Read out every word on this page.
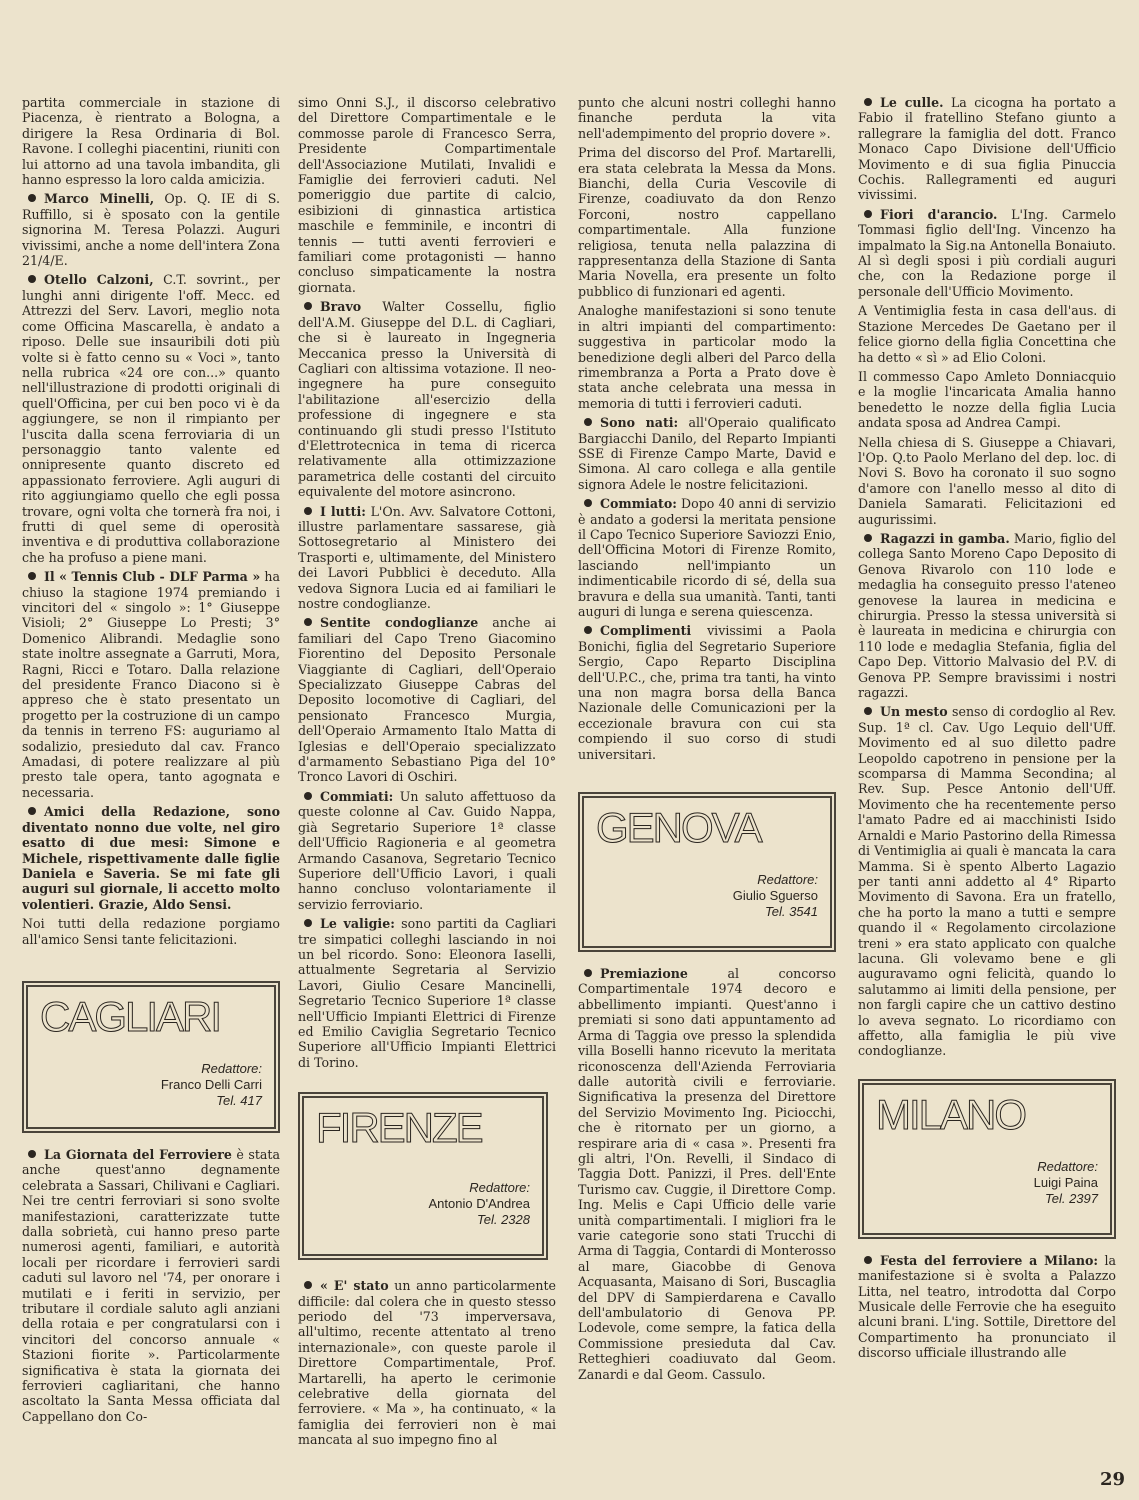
partita commerciale in stazione di Piacenza, è rientrato a Bologna, a dirigere la Resa Ordinaria di Bol. Ravone. I colleghi piacentini, riuniti con lui attorno ad una tavola imbandita, gli hanno espresso la loro calda amicizia.

Marco Minelli, Op. Q. IE di S. Ruffillo, si è sposato con la gentile signorina M. Teresa Polazzi. Auguri vivissimi, anche a nome dell'intera Zona 21/4/E.
Otello Calzoni, C.T. sovrint., per lunghi anni dirigente l'off. Mecc. ed Attrezzi del Serv. Lavori, meglio nota come Officina Mascarella, è andato a riposo. Delle sue insauribili doti più volte si è fatto cenno su « Voci », tanto nella rubrica «24 ore con...» quanto nell'illustrazione di prodotti originali di quell'Officina, per cui ben poco vi è da aggiungere, se non il rimpianto per l'uscita dalla scena ferroviaria di un personaggio tanto valente ed onnipresente quanto discreto ed appassionato ferroviere. Agli auguri di rito aggiungiamo quello che egli possa trovare, ogni volta che tornerà fra noi, i frutti di quel seme di operosità inventiva e di produttiva collaborazione che ha profuso a piene mani.
Il « Tennis Club - DLF Parma » ha chiuso la stagione 1974 premiando i vincitori del « singolo »: 1° Giuseppe Visioli; 2° Giuseppe Lo Presti; 3° Domenico Alibrandi. Medaglie sono state inoltre assegnate a Garruti, Mora, Ragni, Ricci e Totaro. Dalla relazione del presidente Franco Diacono si è appreso che è stato presentato un progetto per la costruzione di un campo da tennis in terreno FS: auguriamo al sodalizio, presieduto dal cav. Franco Amadasi, di potere realizzare al più presto tale opera, tanto agognata e necessaria.
Amici della Redazione, sono diventato nonno due volte, nel giro esatto di due mesi: Simone e Michele, rispettivamente dalle figlie Daniela e Saveria. Se mi fate gli auguri sul giornale, li accetto molto volentieri. Grazie, Aldo Sensi.

Noi tutti della redazione porgiamo all'amico Sensi tante felicitazioni.

CAGLIARI
Redattore:
Franco Delli Carri
Tel. 417
La Giornata del Ferroviere è stata anche quest'anno degnamente celebrata a Sassari, Chilivani e Cagliari. Nei tre centri ferroviari si sono svolte manifestazioni, caratterizzate tutte dalla sobrietà, cui hanno preso parte numerosi agenti, familiari, e autorità locali per ricordare i ferrovieri sardi caduti sul lavoro nel '74, per onorare i mutilati e i feriti in servizio, per tributare il cordiale saluto agli anziani della rotaia e per congratularsi con i vincitori del concorso annuale « Stazioni fiorite ». Particolarmente significativa è stata la giornata dei ferrovieri cagliaritani, che hanno ascoltato la Santa Messa officiata dal Cappellano don Co-

simo Onni S.J., il discorso celebrativo del Direttore Compartimentale e le commosse parole di Francesco Serra, Presidente Compartimentale dell'Associazione Mutilati, Invalidi e Famiglie dei ferrovieri caduti. Nel pomeriggio due partite di calcio, esibizioni di ginnastica artistica maschile e femminile, e incontri di tennis — tutti aventi ferrovieri e familiari come protagonisti — hanno concluso simpaticamente la nostra giornata.

Bravo Walter Cossellu, figlio dell'A.M. Giuseppe del D.L. di Cagliari, che si è laureato in Ingegneria Meccanica presso la Università di Cagliari con altissima votazione. Il neo-ingegnere ha pure conseguito l'abilitazione all'esercizio della professione di ingegnere e sta continuando gli studi presso l'Istituto d'Elettrotecnica in tema di ricerca relativamente alla ottimizzazione parametrica delle costanti del circuito equivalente del motore asincrono.
I lutti: L'On. Avv. Salvatore Cottoni, illustre parlamentare sassarese, già Sottosegretario al Ministero dei Trasporti e, ultimamente, del Ministero dei Lavori Pubblici è deceduto. Alla vedova Signora Lucia ed ai familiari le nostre condoglianze.
Sentite condoglianze anche ai familiari del Capo Treno Giacomino Fiorentino del Deposito Personale Viaggiante di Cagliari, dell'Operaio Specializzato Giuseppe Cabras del Deposito locomotive di Cagliari, del pensionato Francesco Murgia, dell'Operaio Armamento Italo Matta di Iglesias e dell'Operaio specializzato d'armamento Sebastiano Piga del 10° Tronco Lavori di Oschiri.
Commiati: Un saluto affettuoso da queste colonne al Cav. Guido Nappa, già Segretario Superiore 1ª classe dell'Ufficio Ragioneria e al geometra Armando Casanova, Segretario Tecnico Superiore dell'Ufficio Lavori, i quali hanno concluso volontariamente il servizio ferroviario.
Le valigie: sono partiti da Cagliari tre simpatici colleghi lasciando in noi un bel ricordo. Sono: Eleonora Iaselli, attualmente Segretaria al Servizio Lavori, Giulio Cesare Mancinelli, Segretario Tecnico Superiore 1ª classe nell'Ufficio Impianti Elettrici di Firenze ed Emilio Caviglia Segretario Tecnico Superiore all'Ufficio Impianti Elettrici di Torino.
FIRENZE
Redattore:
Antonio D'Andrea
Tel. 2328
« E' stato un anno particolarmente difficile: dal colera che in questo stesso periodo del '73 imperversava, all'ultimo, recente attentato al treno internazionale», con queste parole il Direttore Compartimentale, Prof. Martarelli, ha aperto le cerimonie celebrative della giornata del ferroviere. « Ma », ha continuato, « la famiglia dei ferrovieri non è mai mancata al suo impegno fino al

punto che alcuni nostri colleghi hanno finanche perduta la vita nell'adempimento del proprio dovere ».

Prima del discorso del Prof. Martarelli, era stata celebrata la Messa da Mons. Bianchi, della Curia Vescovile di Firenze, coadiuvato da don Renzo Forconi, nostro cappellano compartimentale. Alla funzione religiosa, tenuta nella palazzina di rappresentanza della Stazione di Santa Maria Novella, era presente un folto pubblico di funzionari ed agenti.

Analoghe manifestazioni si sono tenute in altri impianti del compartimento: suggestiva in particolar modo la benedizione degli alberi del Parco della rimembranza a Porta a Prato dove è stata anche celebrata una messa in memoria di tutti i ferrovieri caduti.

Sono nati: all'Operaio qualificato Bargiacchi Danilo, del Reparto Impianti SSE di Firenze Campo Marte, David e Simona. Al caro collega e alla gentile signora Adele le nostre felicitazioni.
Commiato: Dopo 40 anni di servizio è andato a godersi la meritata pensione il Capo Tecnico Superiore Saviozzi Enio, dell'Officina Motori di Firenze Romito, lasciando nell'impianto un indimenticabile ricordo di sé, della sua bravura e della sua umanità. Tanti, tanti auguri di lunga e serena quiescenza.
Complimenti vivissimi a Paola Bonichi, figlia del Segretario Superiore Sergio, Capo Reparto Disciplina dell'U.P.C., che, prima tra tanti, ha vinto una non magra borsa della Banca Nazionale delle Comunicazioni per la eccezionale bravura con cui sta compiendo il suo corso di studi universitari.
GENOVA
Redattore:
Giulio Sguerso
Tel. 3541
Premiazione	al concorso Compartimentale 1974 decoro e abbellimento impianti. Quest'anno i premiati si sono dati appuntamento ad Arma di Taggia ove presso la splendida villa Boselli hanno ricevuto la meritata riconoscenza dell'Azienda Ferroviaria dalle autorità civili e ferroviarie. Significativa la presenza del Direttore del Servizio Movimento Ing. Piciocchi, che è ritornato per un giorno, a respirare aria di « casa ». Presenti fra gli altri, l'On. Revelli, il Sindaco di Taggia Dott. Panizzi, il Pres. dell'Ente Turismo cav. Cuggie, il Direttore Comp. Ing. Melis e Capi Ufficio delle varie unità compartimentali. I migliori fra le varie categorie sono stati Trucchi di Arma di Taggia, Contardi di Monterosso al mare, Giacobbe di Genova Acquasanta, Maisano di Sori, Buscaglia del DPV di Sampierdarena e Cavallo dell'ambulatorio di Genova PP. Lodevole, come sempre, la fatica della Commissione presieduta dal Cav. Retteghieri coadiuvato dal Geom. Zanardi e dal Geom. Cassulo.
Le culle. La cicogna ha portato a Fabio il fratellino Stefano giunto a rallegrare la famiglia del dott. Franco Monaco Capo Divisione dell'Ufficio Movimento e di sua figlia Pinuccia Cochis. Rallegramenti ed auguri vivissimi.
Fiori d'arancio. L'Ing. Carmelo Tommasi figlio dell'Ing. Vincenzo ha impalmato la Sig.na Antonella Bonaiuto. Al sì degli sposi i più cordiali auguri che, con la Redazione porge il personale dell'Ufficio Movimento.

A Ventimiglia festa in casa dell'aus. di Stazione Mercedes De Gaetano per il felice giorno della figlia Concettina che ha detto « sì » ad Elio Coloni.

Il commesso Capo Amleto Donniacquio e la moglie l'incaricata Amalia hanno benedetto le nozze della figlia Lucia andata sposa ad Andrea Campi.

Nella chiesa di S. Giuseppe a Chiavari, l'Op. Q.to Paolo Merlano del dep. loc. di Novi S. Bovo ha coronato il suo sogno d'amore con l'anello messo al dito di Daniela Samarati. Felicitazioni ed augurissimi.

Ragazzi in gamba. Mario, figlio del collega Santo Moreno Capo Deposito di Genova Rivarolo con 110 lode e medaglia ha conseguito presso l'ateneo genovese la laurea in medicina e chirurgia. Presso la stessa università si è laureata in medicina e chirurgia con 110 lode e medaglia Stefania, figlia del Capo Dep. Vittorio Malvasio del P.V. di Genova PP. Sempre bravissimi i nostri ragazzi.
Un mesto senso di cordoglio al Rev. Sup. 1ª cl. Cav. Ugo Lequio dell'Uff. Movimento ed al suo diletto padre Leopoldo capotreno in pensione per la scomparsa di Mamma Secondina; al Rev. Sup. Pesce Antonio dell'Uff. Movimento che ha recentemente perso l'amato Padre ed ai macchinisti Isido Arnaldi e Mario Pastorino della Rimessa di Ventimiglia ai quali è mancata la cara Mamma. Si è spento Alberto Lagazio per tanti anni addetto al 4° Riparto Movimento di Savona. Era un fratello, che ha porto la mano a tutti e sempre quando il « Regolamento circolazione treni » era stato applicato con qualche lacuna. Gli volevamo bene e gli auguravamo ogni felicità, quando lo salutammo ai limiti della pensione, per non fargli capire che un cattivo destino lo aveva segnato. Lo ricordiamo con affetto, alla famiglia le più vive condoglianze.
MILANO
Redattore:
Luigi Paina
Tel. 2397
Festa del ferroviere a Milano: la manifestazione si è svolta a Palazzo Litta, nel teatro, introdotta dal Corpo Musicale delle Ferrovie che ha eseguito alcuni brani. L'ing. Sottile, Direttore del Compartimento ha pronunciato il discorso ufficiale illustrando alle
29
